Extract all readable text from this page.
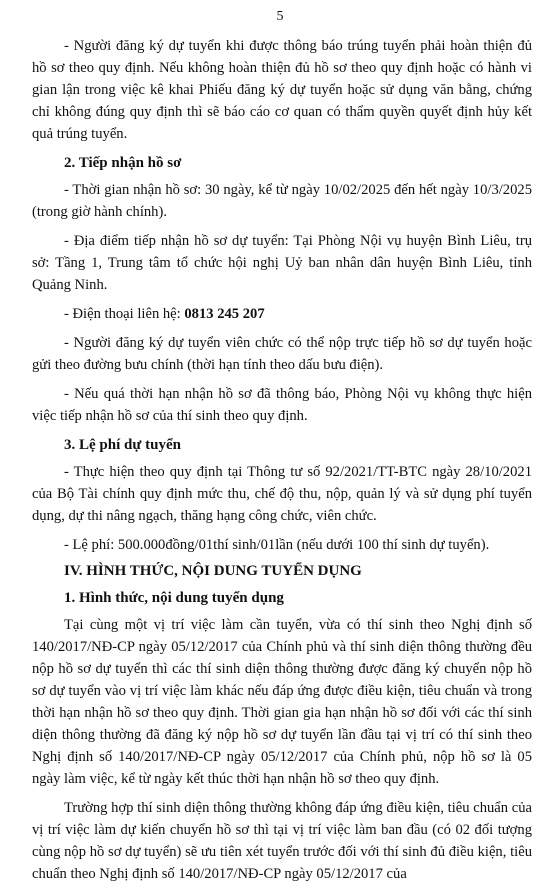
5

- Người đăng ký dự tuyển khi được thông báo trúng tuyển phải hoàn thiện đủ hồ sơ theo quy định. Nếu không hoàn thiện đủ hồ sơ theo quy định hoặc có hành vi gian lận trong việc kê khai Phiếu đăng ký dự tuyển hoặc sử dụng văn bằng, chứng chỉ không đúng quy định thì sẽ báo cáo cơ quan có thẩm quyền quyết định hủy kết quả trúng tuyển.

2. Tiếp nhận hồ sơ

- Thời gian nhận hồ sơ: 30 ngày, kể từ ngày 10/02/2025 đến hết ngày 10/3/2025 (trong giờ hành chính).

- Địa điểm tiếp nhận hồ sơ dự tuyển: Tại Phòng Nội vụ huyện Bình Liêu, trụ sở: Tầng 1, Trung tâm tổ chức hội nghị Uỷ ban nhân dân huyện Bình Liêu, tỉnh Quảng Ninh.

- Điện thoại liên hệ: 0813 245 207

- Người đăng ký dự tuyển viên chức có thể nộp trực tiếp hồ sơ dự tuyển hoặc gửi theo đường bưu chính (thời hạn tính theo dấu bưu điện).

- Nếu quá thời hạn nhận hồ sơ đã thông báo, Phòng Nội vụ không thực hiện việc tiếp nhận hồ sơ của thí sinh theo quy định.

3. Lệ phí dự tuyển

- Thực hiện theo quy định tại Thông tư số 92/2021/TT-BTC ngày 28/10/2021 của Bộ Tài chính quy định mức thu, chế độ thu, nộp, quản lý và sử dụng phí tuyển dụng, dự thi nâng ngạch, thăng hạng công chức, viên chức.

- Lệ phí: 500.000đồng/01thí sinh/01lần (nếu dưới 100 thí sinh dự tuyển).

IV. HÌNH THỨC, NỘI DUNG TUYỂN DỤNG
1. Hình thức, nội dung tuyển dụng

Tại cùng một vị trí việc làm cần tuyển, vừa có thí sinh theo Nghị định số 140/2017/NĐ-CP ngày 05/12/2017 của Chính phủ và thí sinh diện thông thường đều nộp hồ sơ dự tuyển thì các thí sinh diện thông thường được đăng ký chuyển nộp hồ sơ dự tuyển vào vị trí việc làm khác nếu đáp ứng được điều kiện, tiêu chuẩn và trong thời hạn nhận hồ sơ theo quy định. Thời gian gia hạn nhận hồ sơ đối với các thí sinh diện thông thường đã đăng ký nộp hồ sơ dự tuyển lần đầu tại vị trí có thí sinh theo Nghị định số 140/2017/NĐ-CP ngày 05/12/2017 của Chính phủ, nộp hồ sơ là 05 ngày làm việc, kể từ ngày kết thúc thời hạn nhận hồ sơ theo quy định.

Trường hợp thí sinh diện thông thường không đáp ứng điều kiện, tiêu chuẩn của vị trí việc làm dự kiến chuyển hồ sơ thì tại vị trí việc làm ban đầu (có 02 đối tượng cùng nộp hồ sơ dự tuyển) sẽ ưu tiên xét tuyển trước đối với thí sinh đủ điều kiện, tiêu chuẩn theo Nghị định số 140/2017/NĐ-CP ngày 05/12/2017 của
